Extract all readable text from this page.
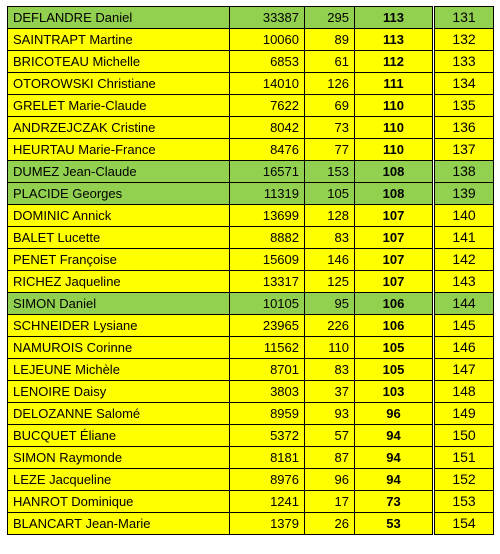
DEFLANDRE Daniel	33387	295	113	131
SAINTRAPT Martine	10060	89	113	132
BRICOTEAU Michelle	6853	61	112	133
OTOROWSKI Christiane	14010	126	111	134
GRELET Marie-Claude	7622	69	110	135
ANDRZEJCZAK Cristine	8042	73	110	136
HEURTAU Marie-France	8476	77	110	137
DUMEZ Jean-Claude	16571	153	108	138
PLACIDE Georges	11319	105	108	139
DOMINIC Annick	13699	128	107	140
BALET Lucette	8882	83	107	141
PENET Françoise	15609	146	107	142
RICHEZ Jaqueline	13317	125	107	143
SIMON Daniel	10105	95	106	144
SCHNEIDER Lysiane	23965	226	106	145
NAMUROIS Corinne	11562	110	105	146
LEJEUNE Michèle	8701	83	105	147
LENOIRE Daisy	3803	37	103	148
DELOZANNE Salomé	8959	93	96	149
BUCQUET Éliane	5372	57	94	150
SIMON Raymonde	8181	87	94	151
LEZE Jacqueline	8976	96	94	152
HANROT Dominique	1241	17	73	153
BLANCART Jean-Marie	1379	26	53	154
